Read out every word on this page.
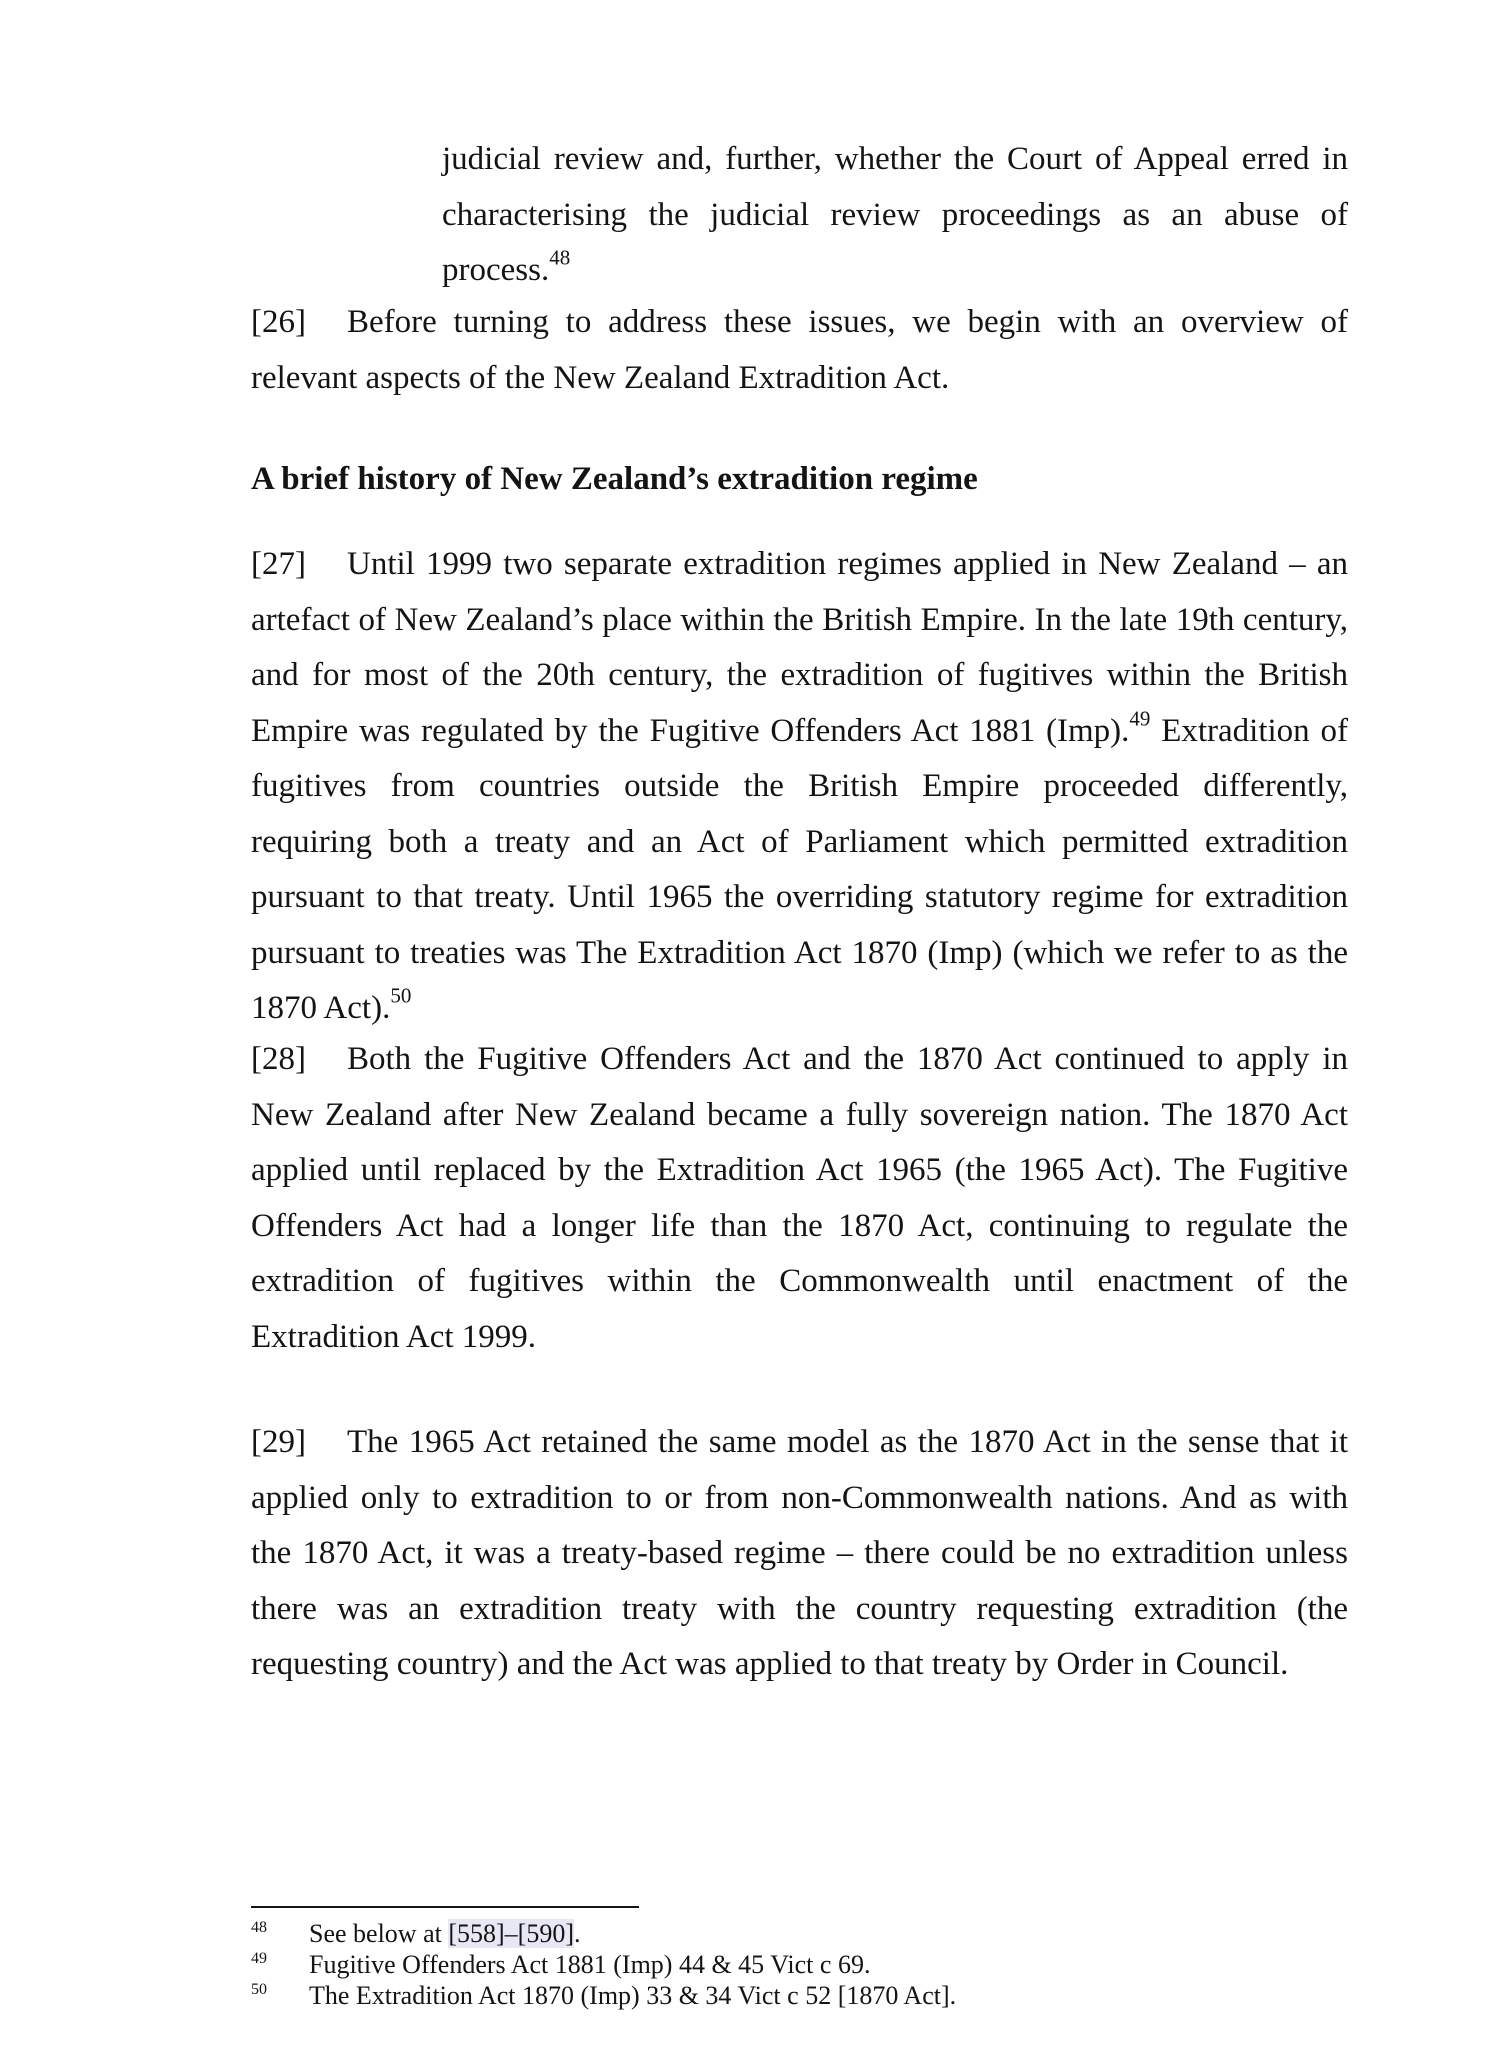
judicial review and, further, whether the Court of Appeal erred in characterising the judicial review proceedings as an abuse of process.$^{48}$
[26] Before turning to address these issues, we begin with an overview of relevant aspects of the New Zealand Extradition Act.
A brief history of New Zealand’s extradition regime
[27] Until 1999 two separate extradition regimes applied in New Zealand – an artefact of New Zealand’s place within the British Empire. In the late 19th century, and for most of the 20th century, the extradition of fugitives within the British Empire was regulated by the Fugitive Offenders Act 1881 (Imp).$^{49}$ Extradition of fugitives from countries outside the British Empire proceeded differently, requiring both a treaty and an Act of Parliament which permitted extradition pursuant to that treaty. Until 1965 the overriding statutory regime for extradition pursuant to treaties was The Extradition Act 1870 (Imp) (which we refer to as the 1870 Act).$^{50}$
[28] Both the Fugitive Offenders Act and the 1870 Act continued to apply in New Zealand after New Zealand became a fully sovereign nation. The 1870 Act applied until replaced by the Extradition Act 1965 (the 1965 Act). The Fugitive Offenders Act had a longer life than the 1870 Act, continuing to regulate the extradition of fugitives within the Commonwealth until enactment of the Extradition Act 1999.
[29] The 1965 Act retained the same model as the 1870 Act in the sense that it applied only to extradition to or from non-Commonwealth nations. And as with the 1870 Act, it was a treaty-based regime – there could be no extradition unless there was an extradition treaty with the country requesting extradition (the requesting country) and the Act was applied to that treaty by Order in Council.
48	See below at [558]–[590].
49	Fugitive Offenders Act 1881 (Imp) 44 & 45 Vict c 69.
50	The Extradition Act 1870 (Imp) 33 & 34 Vict c 52 [1870 Act].
